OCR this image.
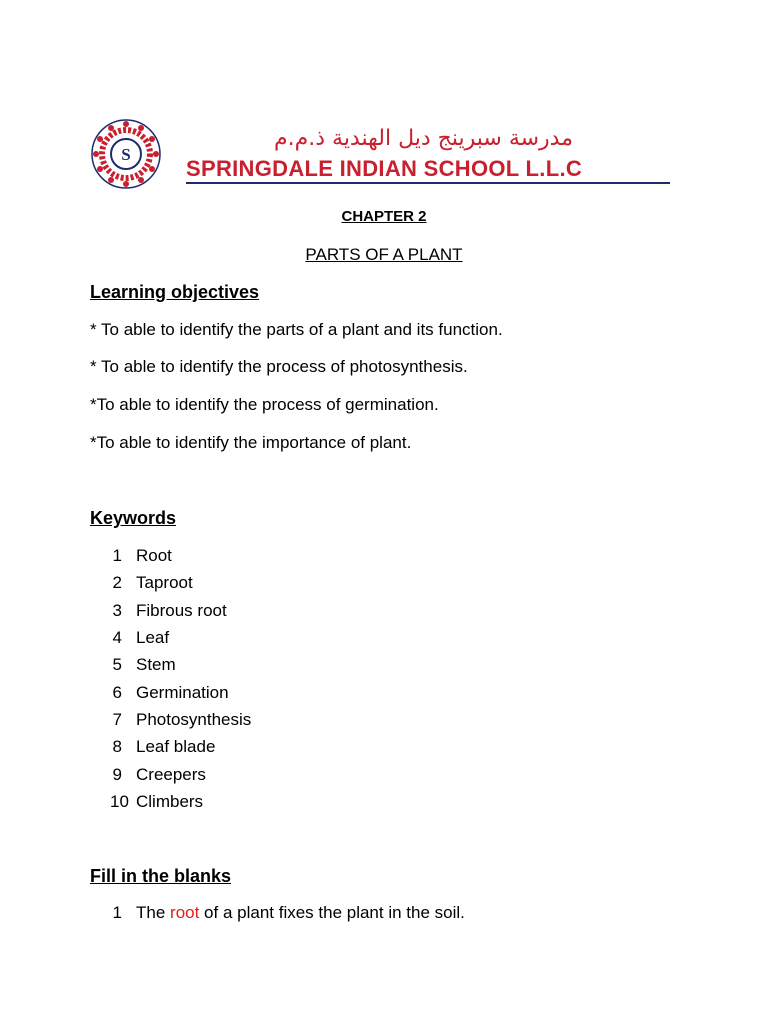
S
مدرسة سبرينج ديل الهندية ذ.م.م
SPRINGDALE INDIAN SCHOOL L.L.C
CHAPTER 2
PARTS OF A PLANT
Learning objectives
* To able to identify the parts of a plant and its function.
* To able to identify the process of photosynthesis.
*To able to identify the process of germination.
*To able to identify the importance of plant.
Keywords
1 Root
2 Taproot
3 Fibrous root
4 Leaf
5 Stem
6 Germination
7 Photosynthesis
8 Leaf blade
9 Creepers
10 Climbers
Fill in the blanks
1 The root of a plant fixes the plant in the soil.
